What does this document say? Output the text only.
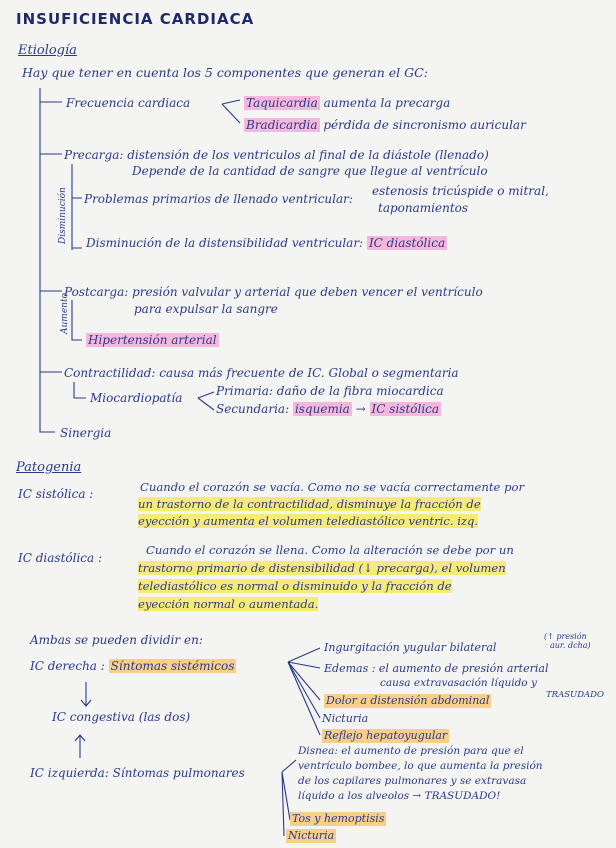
INSUFICIENCIA CARDIACA
Etiología
Hay que tener en cuenta los 5 componentes que generan el GC:
Frecuencia cardiaca	Taquicardia aumenta la precarga
Bradicardia pérdida de sincronismo auricular
Precarga: distensión de los ventriculos al final de la diástole (llenado)
Depende de la cantidad de sangre que llegue al ventrículo
Disminución Problemas primarios de llenado ventricular:
estenosis tricúspide o mitral,
taponamientos
Disminución de la distensibilidad ventricular: IC diastólica
Postcarga: presión valvular y arterial que deben vencer el ventrículo
para expulsar la sangre
Aumento
Hipertensión arterial
Contractilidad: causa más frecuente de IC. Global o segmentaria
Miocardiopatía	Primaria: daño de la fibra miocardica
Secundaria: isquemia → IC sistólica
Sinergia
Patogenia
IC sistólica :	Cuando el corazón se vacía. Como no se vacía correctamente por
un trastorno de la contractilidad, disminuye la fracción de
eyección y aumenta el volumen telediastólico ventric. izq.
IC diastólica :
Cuando el corazón se llena. Como la alteración se debe por un
trastorno primario de distensibilidad (↓ precarga), el volumen
telediastólico es normal o disminuido y la fracción de
eyección normal o aumentada.
Ambas se pueden dividir en:
IC derecha : Síntomas sistémicos
Ingurgitación yugular bilateral
(↑ presión
aur. dcha)
Edemas : el aumento de presión arterial
causa extravasación líquido y
TRASUDADO
Dolor a distensión abdominal
Nicturia
Reflejo hepatoyugular
IC congestiva (las dos)
IC izquierda: Síntomas pulmonares
Disnea: el aumento de presión para que el
ventrículo bombee, lo que aumenta la presión
de los capilares pulmonares y se extravasa
líquido a los alveolos → TRASUDADO!
Tos y hemoptisis
Nicturia
